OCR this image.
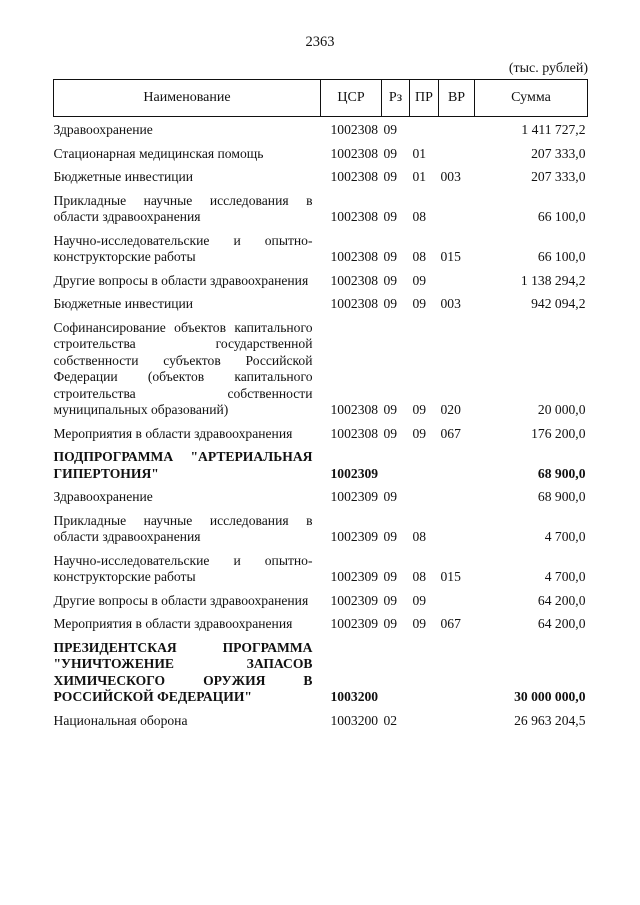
2363
(тыс. рублей)
Наименование	ЦСР	Рз	ПР	ВР	Сумма
Здравоохранение	1002308	09			1 411 727,2
Стационарная медицинская помощь	1002308	09	01		207 333,0
Бюджетные инвестиции	1002308	09	01	003	207 333,0
Прикладные научные исследования в области здравоохранения	1002308	09	08		66 100,0
Научно-исследовательские и опытно-конструкторские работы	1002308	09	08	015	66 100,0
Другие вопросы в области здравоохранения	1002308	09	09		1 138 294,2
Бюджетные инвестиции	1002308	09	09	003	942 094,2
Софинансирование объектов капитального строительства государственной собственности субъектов Российской Федерации (объектов капитального строительства собственности муниципальных образований)	1002308	09	09	020	20 000,0
Мероприятия в области здравоохранения	1002308	09	09	067	176 200,0
ПОДПРОГРАММА "АРТЕРИАЛЬНАЯ ГИПЕРТОНИЯ"	1002309				68 900,0
Здравоохранение	1002309	09			68 900,0
Прикладные научные исследования в области здравоохранения	1002309	09	08		4 700,0
Научно-исследовательские и опытно-конструкторские работы	1002309	09	08	015	4 700,0
Другие вопросы в области здравоохранения	1002309	09	09		64 200,0
Мероприятия в области здравоохранения	1002309	09	09	067	64 200,0
ПРЕЗИДЕНТСКАЯ ПРОГРАММА "УНИЧТОЖЕНИЕ ЗАПАСОВ ХИМИЧЕСКОГО ОРУЖИЯ В РОССИЙСКОЙ ФЕДЕРАЦИИ"	1003200				30 000 000,0
Национальная оборона	1003200	02			26 963 204,5
